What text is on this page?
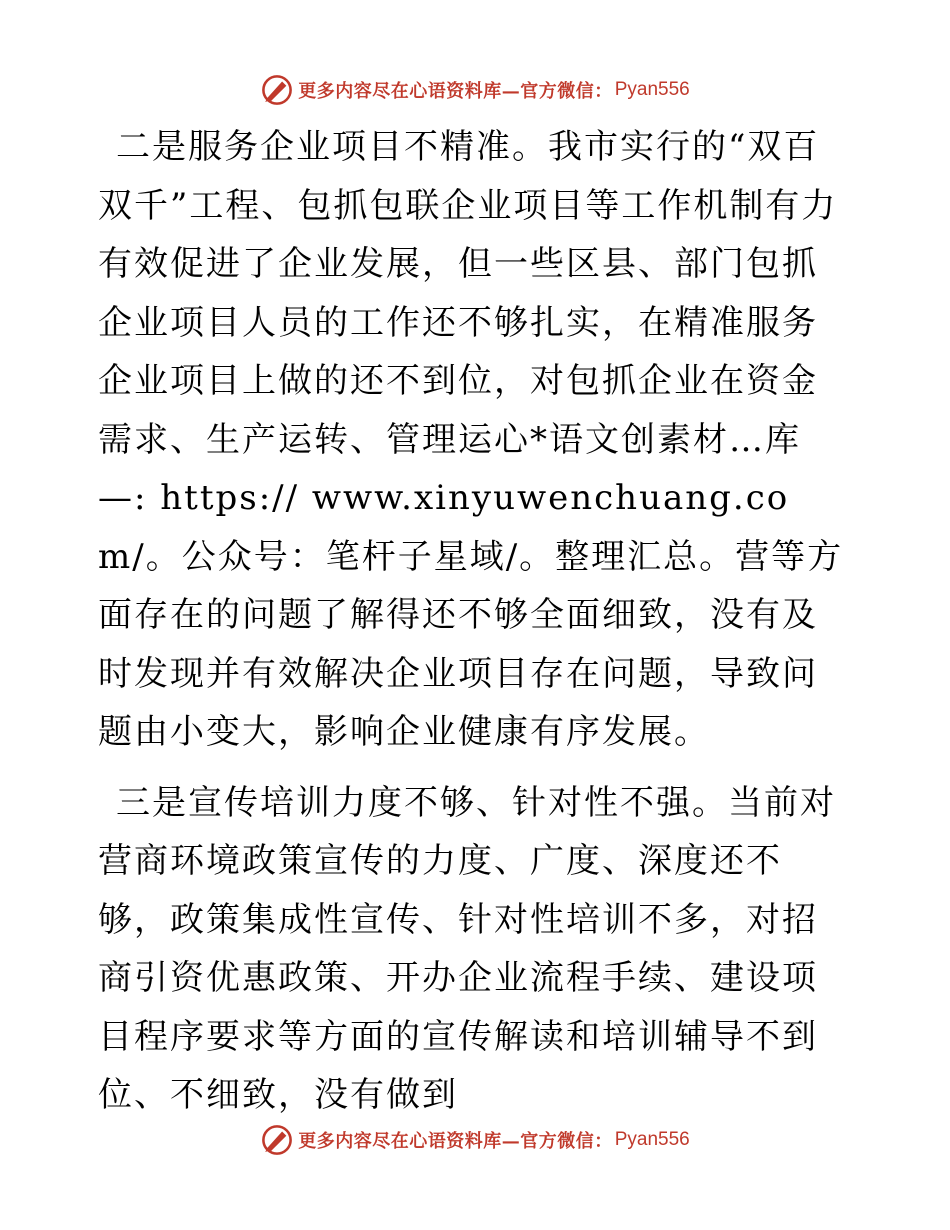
更多内容尽在心语资料库—官方微信： Pyan556

二是服务企业项目不精准。我市实行的“双百双千”工程、包抓包联企业项目等工作机制有力有效促进了企业发展，但一些区县、部门包抓企业项目人员的工作还不够扎实，在精准服务企业项目上做的还不到位，对包抓企业在资金需求、生产运转、管理运心*语文创素材…库—: https:// www.xinyuwenchuang.com/。公众号：笔杆子星域/。整理汇总。营等方面存在的问题了解得还不够全面细致，没有及时发现并有效解决企业项目存在问题，导致问题由小变大，影响企业健康有序发展。

三是宣传培训力度不够、针对性不强。当前对营商环境政策宣传的力度、广度、深度还不够，政策集成性宣传、针对性培训不多，对招商引资优惠政策、开办企业流程手续、建设项目程序要求等方面的宣传解读和培训辅导不到位、不细致，没有做到

更多内容尽在心语资料库—官方微信： Pyan556
